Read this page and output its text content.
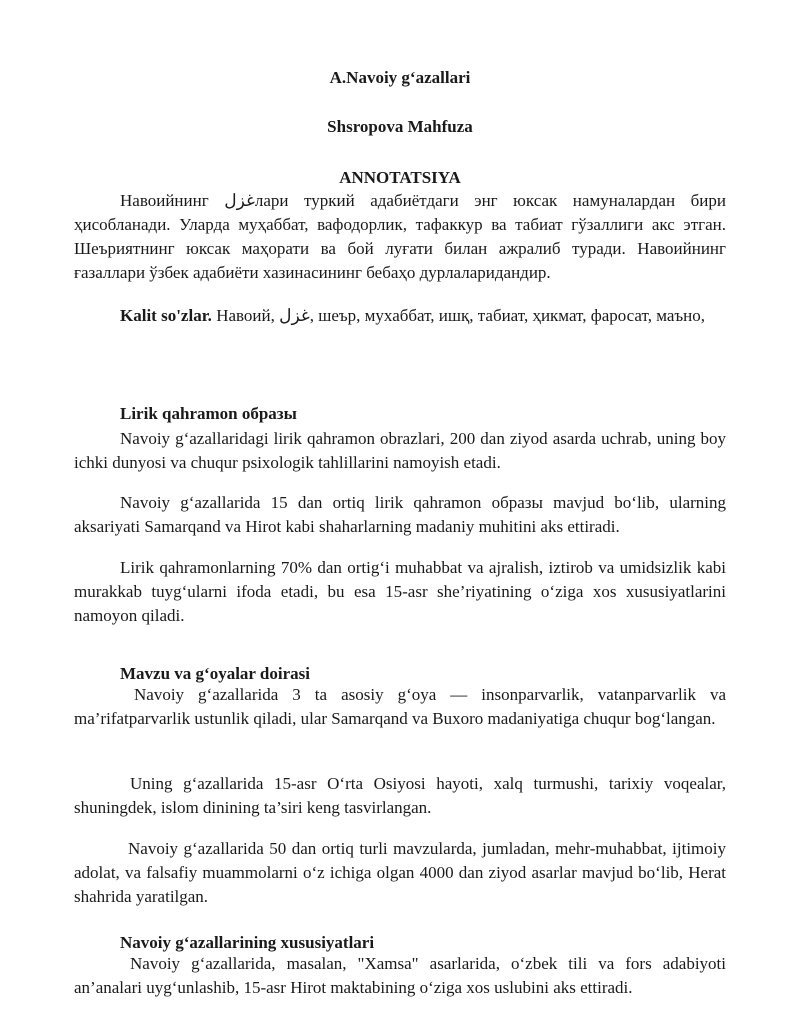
A.Navoiy g‘azallari
Shsropova Mahfuza
ANNOTATSIYA
Навоийнинг غزلлари туркий адабиётдаги энг юксак намуналардан бири ҳисобланади. Уларда муҳаббат, вафодорлик, тафаккур ва табиат гўзаллиги акс этган. Шеъриятнинг юксак маҳорати ва бой луғати билан ажралиб туради. Навоийнинг ғазаллари ўзбек адабиёти хазинасининг бебаҳо дурлаларидандир.
Kalit so'zlar. Навоий, غزل, шеър, мухаббат, ишқ, табиат, ҳикмат, фаросат, маъно,
Lirik qahramon образы
Navoiy g‘azallaridagi lirik qahramon obrazlari, 200 dan ziyod asarda uchrab, uning boy ichki dunyosi va chuqur psixologik tahlillarini namoyish etadi.
Navoiy g‘azallarida 15 dan ortiq lirik qahramon образы mavjud bo‘lib, ularning aksariyati Samarqand va Hirot kabi shaharlarning madaniy muhitini aks ettiradi.
Lirik qahramonlarning 70% dan ortig‘i muhabbat va ajralish, iztirob va umidsizlik kabi murakkab tuyg‘ularni ifoda etadi, bu esa 15-asr she’riyatining o‘ziga xos xususiyatlarini namoyon qiladi.
Mavzu va g‘oyalar doirasi
Navoiy g‘azallarida 3 ta asosiy g‘oya — insonparvarlik, vatanparvarlik va ma’rifatparvarlik ustunlik qiladi, ular Samarqand va Buxoro madaniyatiga chuqur bog‘langan.
Uning g‘azallarida 15-asr O‘rta Osiyosi hayoti, xalq turmushi, tarixiy voqealar, shuningdek, islom dinining ta’siri keng tasvirlangan.
Navoiy g‘azallarida 50 dan ortiq turli mavzularda, jumladan, mehr-muhabbat, ijtimoiy adolat, va falsafiy muammolarni o‘z ichiga olgan 4000 dan ziyod asarlar mavjud bo‘lib, Herat shahrida yaratilgan.
Navoiy g‘azallarining xususiyatlari
Navoiy g‘azallarida, masalan, "Xamsa" asarlarida, o‘zbek tili va fors adabiyoti an’analari uyg‘unlashib, 15-asr Hirot maktabining o‘ziga xos uslubini aks ettiradi.
